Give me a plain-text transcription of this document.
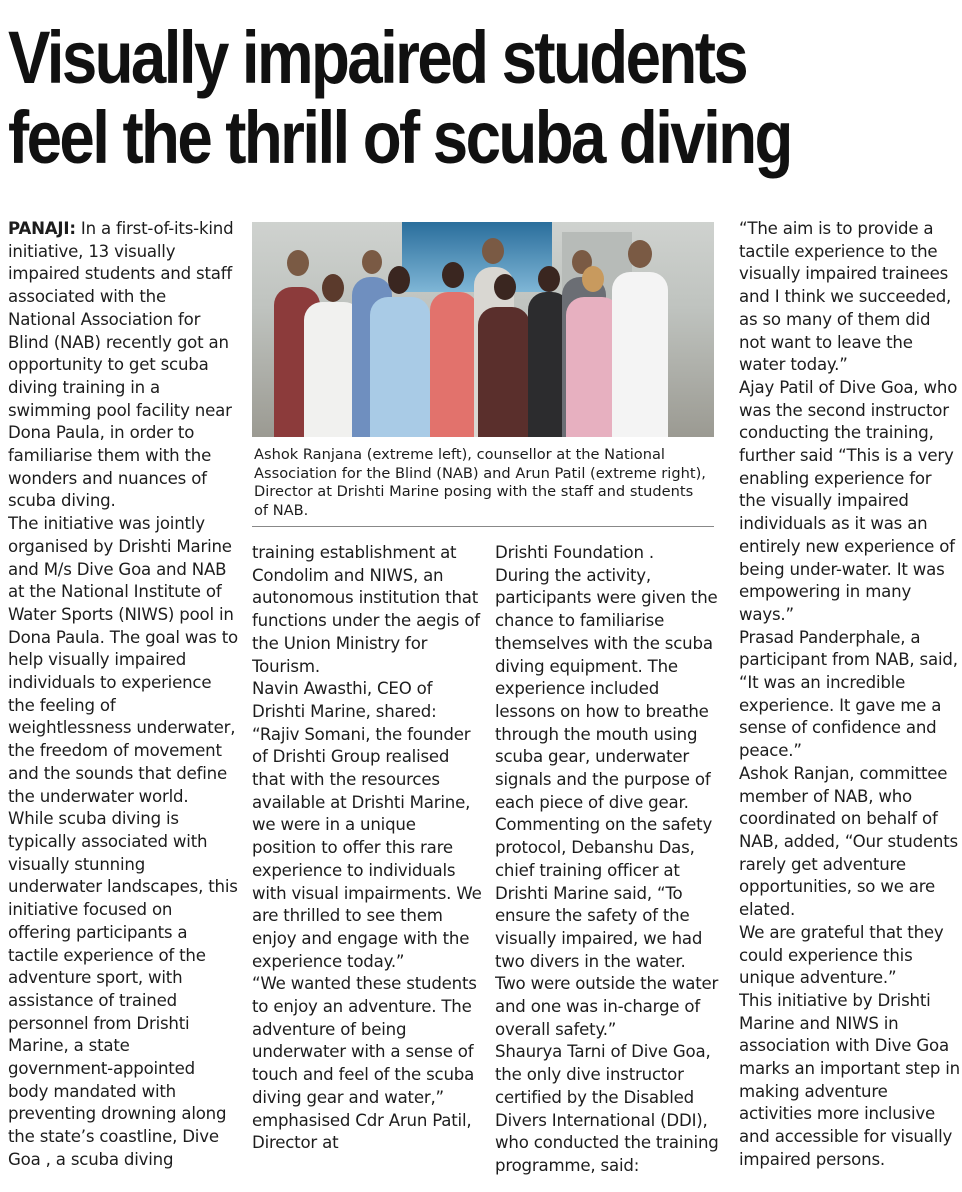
Visually impaired students
feel the thrill of scuba diving

PANAJI: In a first-of-its-kind initiative, 13 visually impaired students and staff associated with the National Association for Blind (NAB) recently got an opportunity to get scuba diving training in a swimming pool facility near Dona Paula, in order to familiarise them with the wonders and nuances of scuba diving.

The initiative was jointly organised by Drishti Marine and M/s Dive Goa and NAB at the National Institute of Water Sports (NIWS) pool in Dona Paula. The goal was to help visually impaired individuals to experience the feeling of weightlessness underwater, the freedom of movement and the sounds that define the underwater world.

While scuba diving is typically associated with visually stunning underwater landscapes, this initiative focused on offering participants a tactile experience of the adventure sport, with assistance of trained personnel from Drishti Marine, a state government-appointed body mandated with preventing drowning along the state’s coastline, Dive Goa , a scuba diving

Ashok Ranjana (extreme left), counsellor at the National Association for the Blind (NAB) and Arun Patil (extreme right), Director at Drishti Marine posing with the staff and students of NAB.

training establishment at Condolim and NIWS, an autonomous institution that functions under the aegis of the Union Ministry for Tourism.

Navin Awasthi, CEO of Drishti Marine, shared: “Rajiv Somani, the founder of Drishti Group realised that with the resources available at Drishti Marine, we were in a unique position to offer this rare experience to individuals with visual impairments. We are thrilled to see them enjoy and engage with the experience today.”

“We wanted these students to enjoy an adventure. The adventure of being underwater with a sense of touch and feel of the scuba diving gear and water,” emphasised Cdr Arun Patil, Director at

Drishti Foundation .

During the activity, participants were given the chance to familiarise themselves with the scuba diving equipment. The experience included lessons on how to breathe through the mouth using scuba gear, underwater signals and the purpose of each piece of dive gear.

Commenting on the safety protocol, Debanshu Das, chief training officer at Drishti Marine said, “To ensure the safety of the visually impaired, we had two divers in the water. Two were outside the water and one was in-charge of overall safety.”

Shaurya Tarni of Dive Goa, the only dive instructor certified by the Disabled Divers International (DDI), who conducted the training programme, said:

“The aim is to provide a tactile experience to the visually impaired trainees and I think we succeeded, as so many of them did not want to leave the water today.”

Ajay Patil of Dive Goa, who was the second instructor conducting the training, further said “This is a very enabling experience for the visually impaired individuals as it was an entirely new experience of being under-water. It was empowering in many ways.”

Prasad Panderphale, a participant from NAB, said, “It was an incredible experience. It gave me a sense of confidence and peace.”

Ashok Ranjan, committee member of NAB, who coordinated on behalf of NAB, added, “Our students rarely get adventure opportunities, so we are elated.

We are grateful that they could experience this unique adventure.”

This initiative by Drishti Marine and NIWS in association with Dive Goa marks an important step in making adventure activities more inclusive and accessible for visually impaired persons.
